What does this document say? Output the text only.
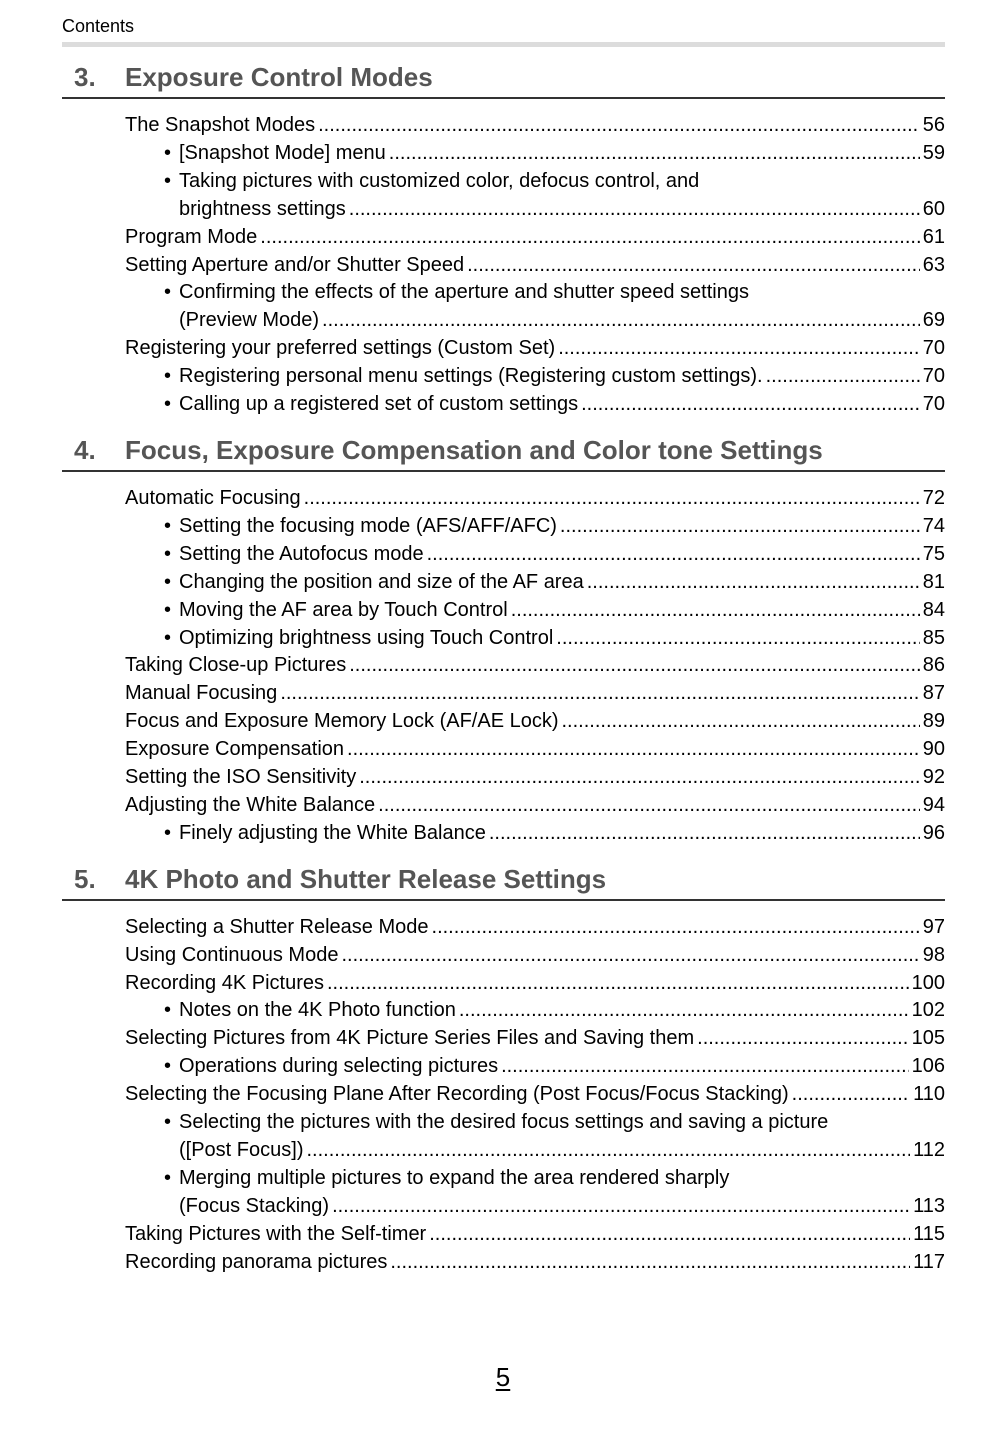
Contents
3.	Exposure Control Modes
The Snapshot Modes .....	56
• [Snapshot Mode] menu .....	59
• Taking pictures with customized color, defocus control, and
brightness settings .....	60
Program Mode .....	61
Setting Aperture and/or Shutter Speed .....	63
• Confirming the effects of the aperture and shutter speed settings
(Preview Mode) .....	69
Registering your preferred settings (Custom Set) .....	70
• Registering personal menu settings (Registering custom settings). .....	70
• Calling up a registered set of custom settings .....	70
4.	Focus, Exposure Compensation and Color tone Settings
Automatic Focusing .....	72
• Setting the focusing mode (AFS/AFF/AFC) .....	74
• Setting the Autofocus mode .....	75
• Changing the position and size of the AF area .....	81
• Moving the AF area by Touch Control .....	84
• Optimizing brightness using Touch Control .....	85
Taking Close-up Pictures .....	86
Manual Focusing .....	87
Focus and Exposure Memory Lock (AF/AE Lock) .....	89
Exposure Compensation .....	90
Setting the ISO Sensitivity .....	92
Adjusting the White Balance .....	94
• Finely adjusting the White Balance .....	96
5.	4K Photo and Shutter Release Settings
Selecting a Shutter Release Mode .....	97
Using Continuous Mode .....	98
Recording 4K Pictures .....	100
• Notes on the 4K Photo function .....	102
Selecting Pictures from 4K Picture Series Files and Saving them .....	105
• Operations during selecting pictures .....	106
Selecting the Focusing Plane After Recording (Post Focus/Focus Stacking) .....	110
• Selecting the pictures with the desired focus settings and saving a picture
([Post Focus]) .....	112
• Merging multiple pictures to expand the area rendered sharply
(Focus Stacking) .....	113
Taking Pictures with the Self-timer .....	115
Recording panorama pictures .....	117
5
